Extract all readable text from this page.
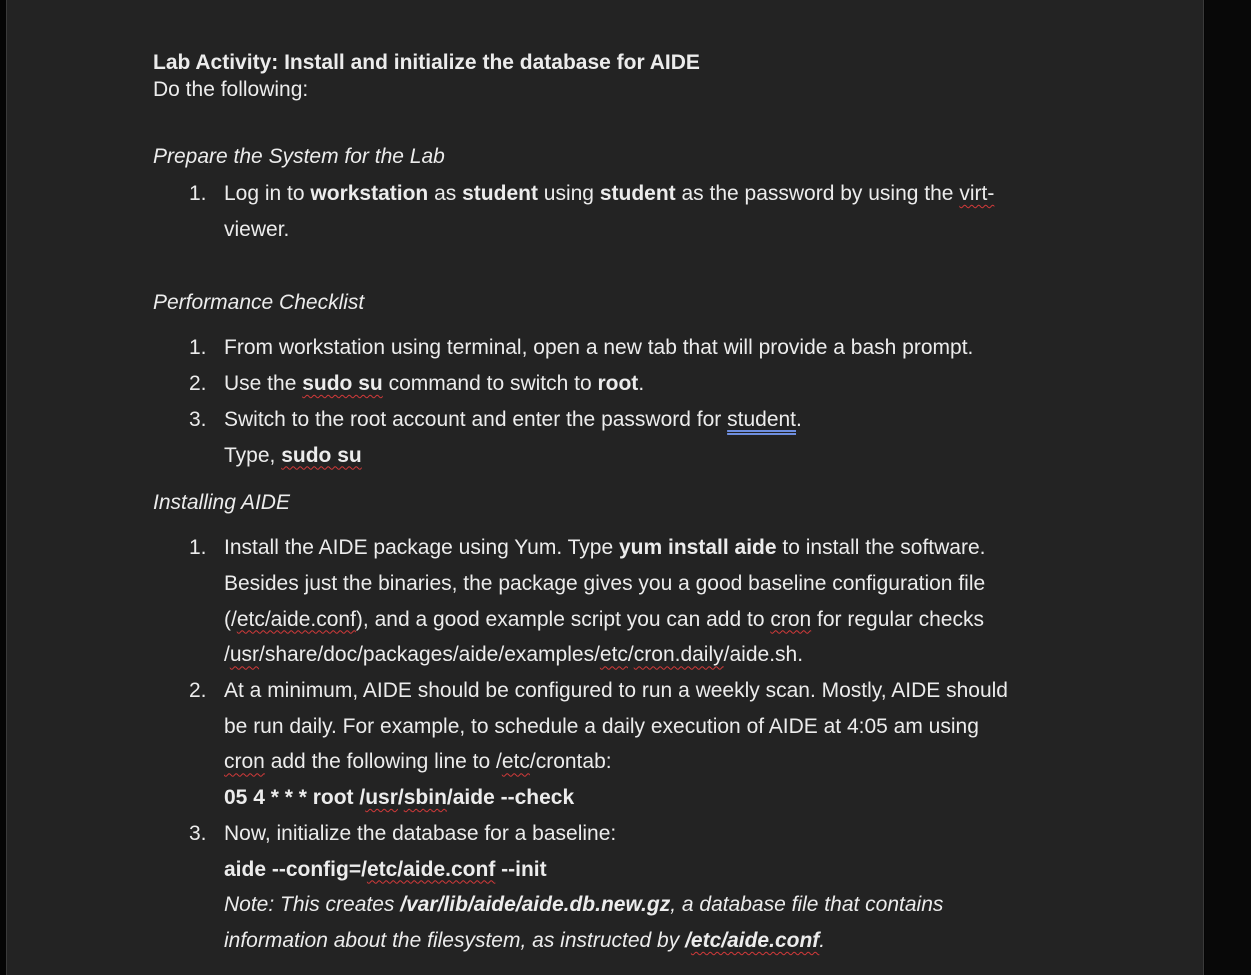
Lab Activity: Install and initialize the database for AIDE
Do the following:
Prepare the System for the Lab
1. Log in to workstation as student using student as the password by using the virt-
viewer.
Performance Checklist
1. From workstation using terminal, open a new tab that will provide a bash prompt.
2. Use the sudo su command to switch to root.
3. Switch to the root account and enter the password for student.
Type, sudo su
Installing AIDE
1. Install the AIDE package using Yum. Type yum install aide to install the software.
Besides just the binaries, the package gives you a good baseline configuration file
(/etc/aide.conf), and a good example script you can add to cron for regular checks
/usr/share/doc/packages/aide/examples/etc/cron.daily/aide.sh.
2. At a minimum, AIDE should be configured to run a weekly scan. Mostly, AIDE should
be run daily. For example, to schedule a daily execution of AIDE at 4:05 am using
cron add the following line to /etc/crontab:
05 4 * * * root /usr/sbin/aide --check
3. Now, initialize the database for a baseline:
aide --config=/etc/aide.conf --init
Note: This creates /var/lib/aide/aide.db.new.gz, a database file that contains
information about the filesystem, as instructed by /etc/aide.conf.
